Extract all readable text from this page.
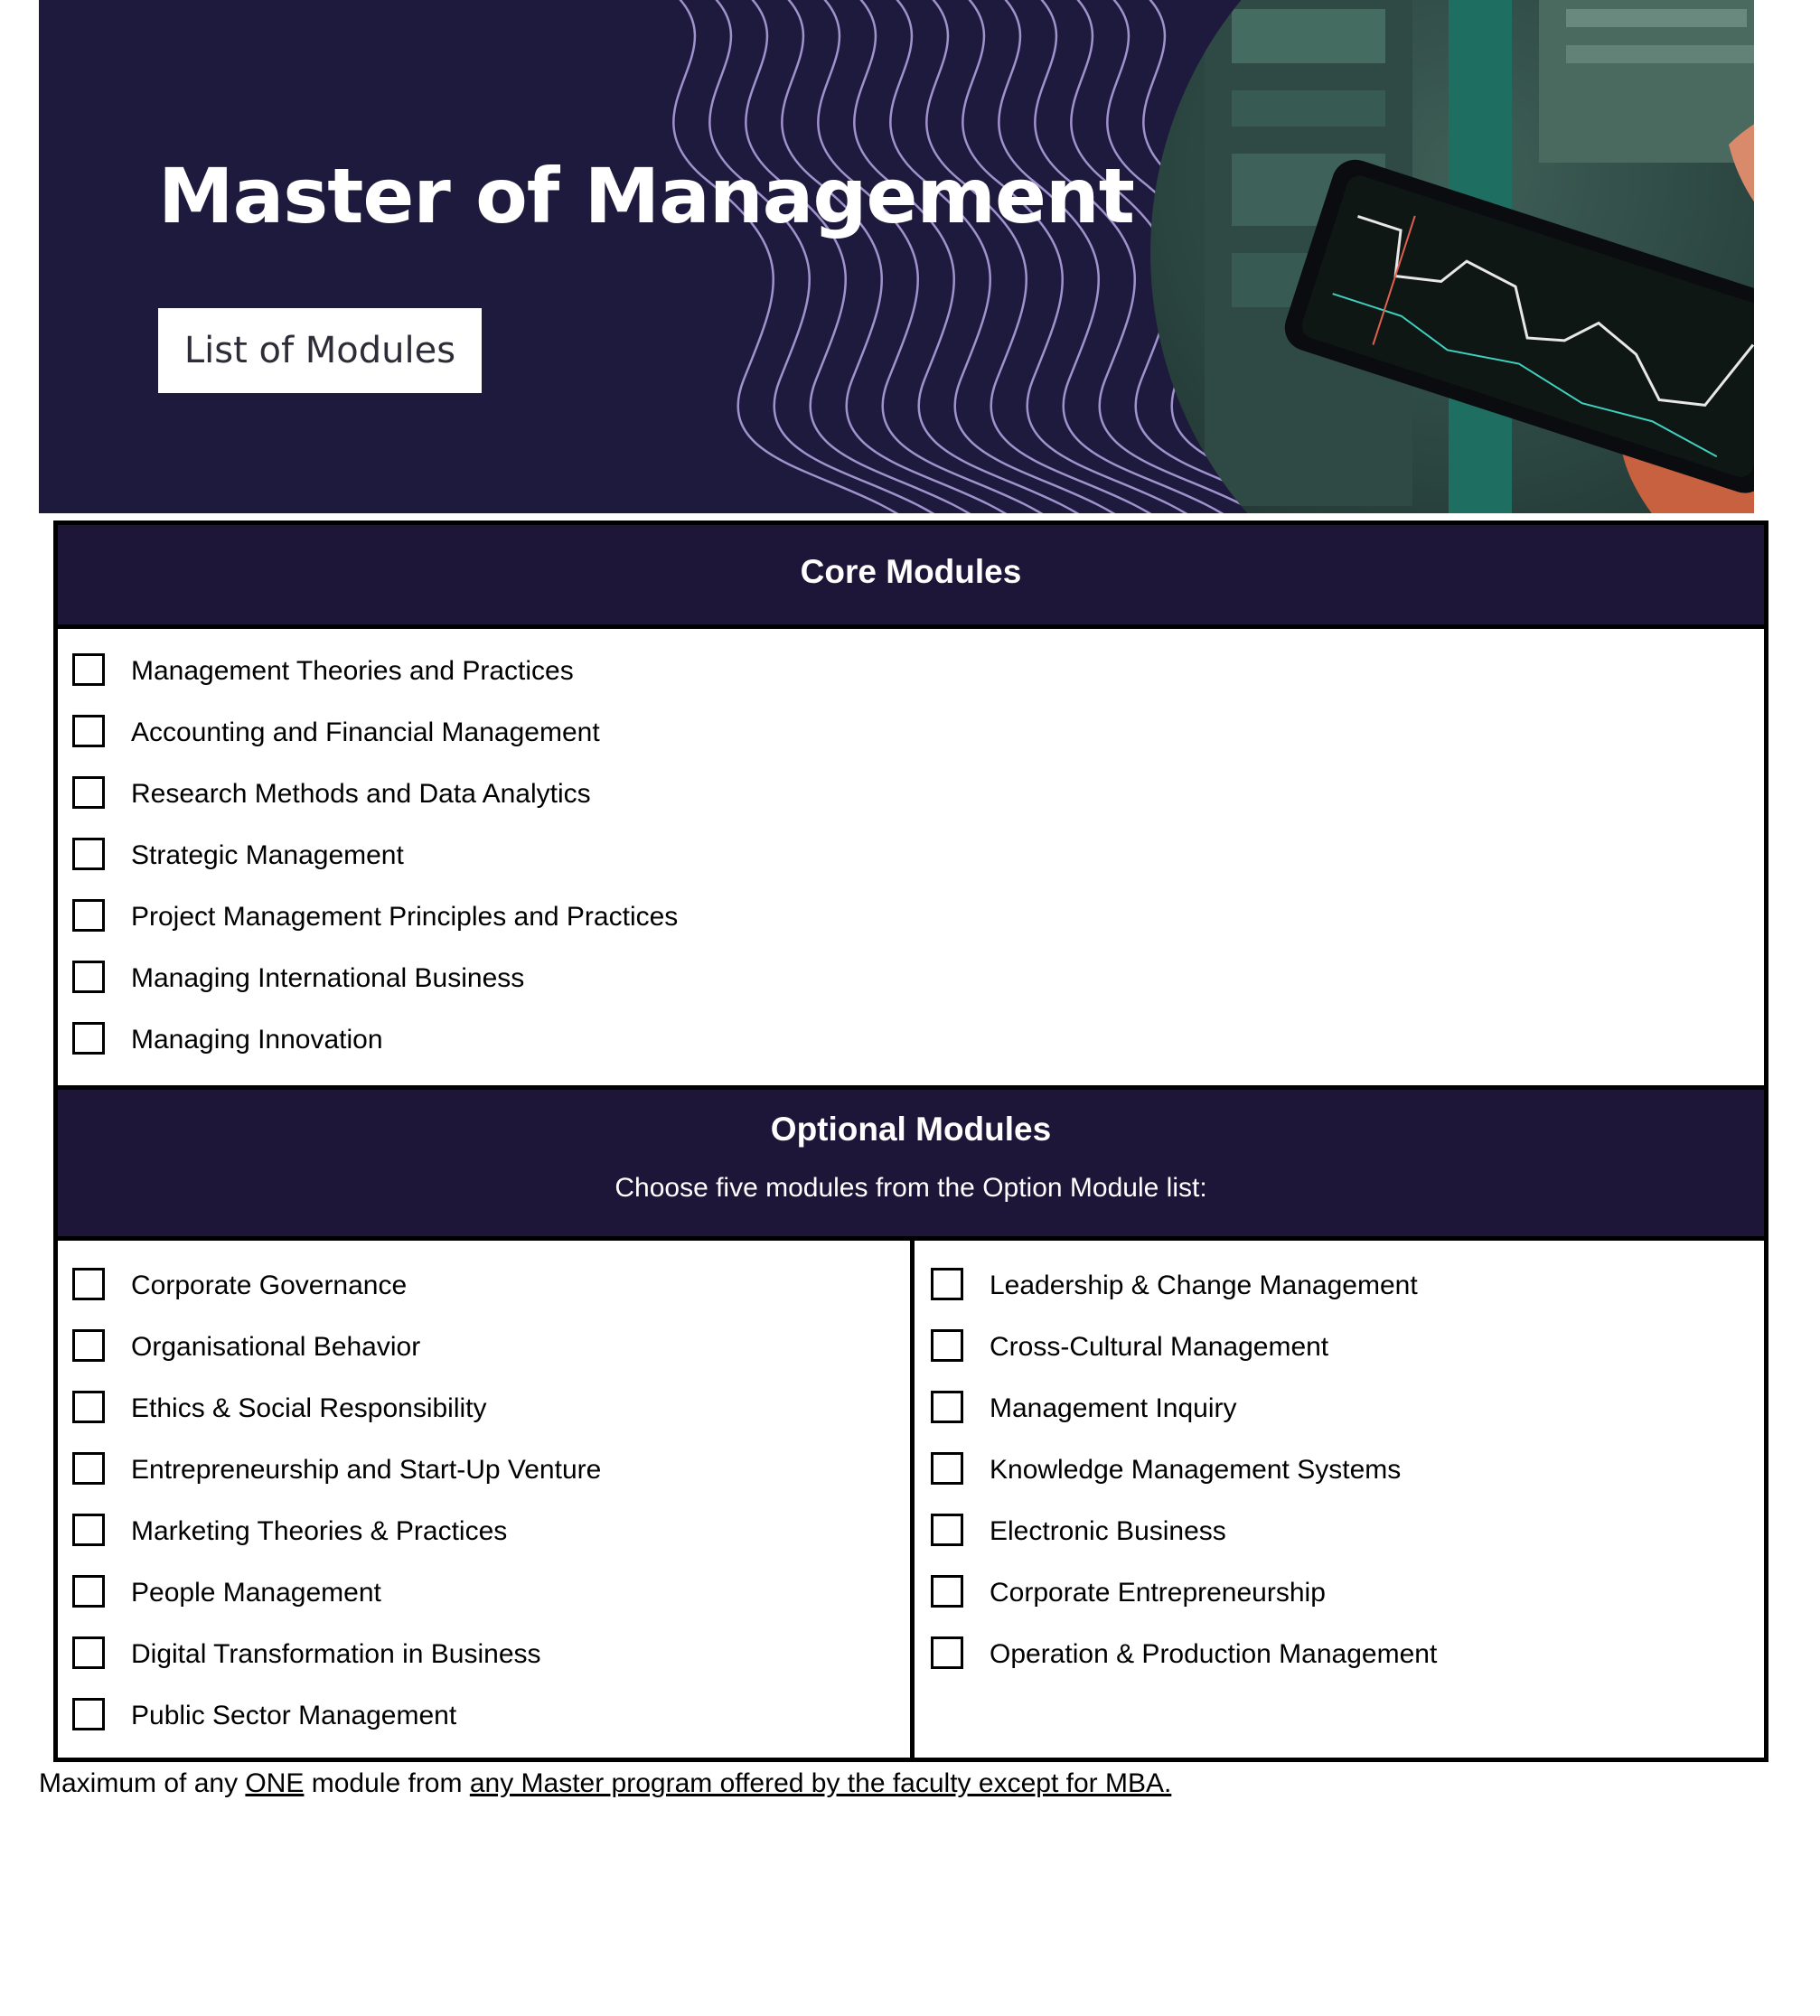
Master of Management
List of Modules
Core Modules
Management Theories and Practices
Accounting and Financial Management
Research Methods and Data Analytics
Strategic Management
Project Management Principles and Practices
Managing International Business
Managing Innovation
Optional Modules
Choose five modules from the Option Module list:
Corporate Governance
Organisational Behavior
Ethics & Social Responsibility
Entrepreneurship and Start-Up Venture
Marketing Theories & Practices
People Management
Digital Transformation in Business
Public Sector Management
Leadership & Change Management
Cross-Cultural Management
Management Inquiry
Knowledge Management Systems
Electronic Business
Corporate Entrepreneurship
Operation & Production Management
Maximum of any ONE module from any Master program offered by the faculty except for MBA.
